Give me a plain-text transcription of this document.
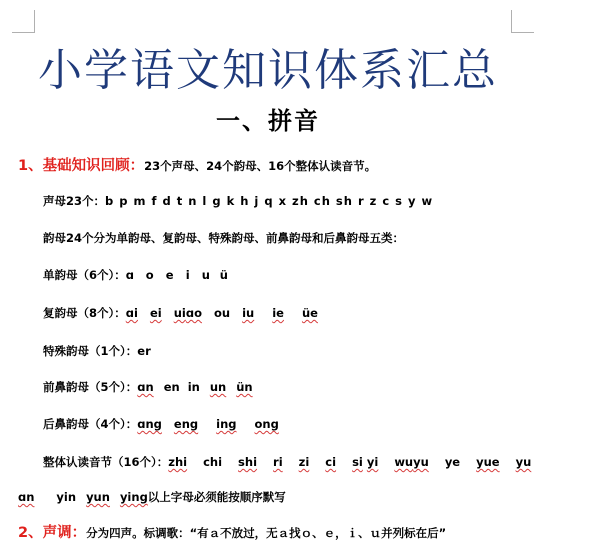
小学语文知识体系汇总
一、拼音
1、基础知识回顾：23个声母、24个韵母、16个整体认读音节。
声母23个：b p m f d t n l g k h j q x zh ch sh r z c s y w
韵母24个分为单韵母、复韵母、特殊韵母、前鼻韵母和后鼻韵母五类：
单韵母（6个）：ɑ o e i u ü
复韵母（8个）：ɑi ei uiɑo ou iu ie üe
特殊韵母（1个）：er
前鼻韵母（5个）：ɑn en in un ün
后鼻韵母（4个）：ɑng eng ing ong
整体认读音节（16个）：zhi chi shi ri zi ci si yi wuyu ye yue yu
ɑn yin yun ying以上字母必须能按顺序默写
2、声调：分为四声。标调歌：“有ａ不放过，无ａ找ｏ、ｅ，ｉ、ｕ并列标在后”
